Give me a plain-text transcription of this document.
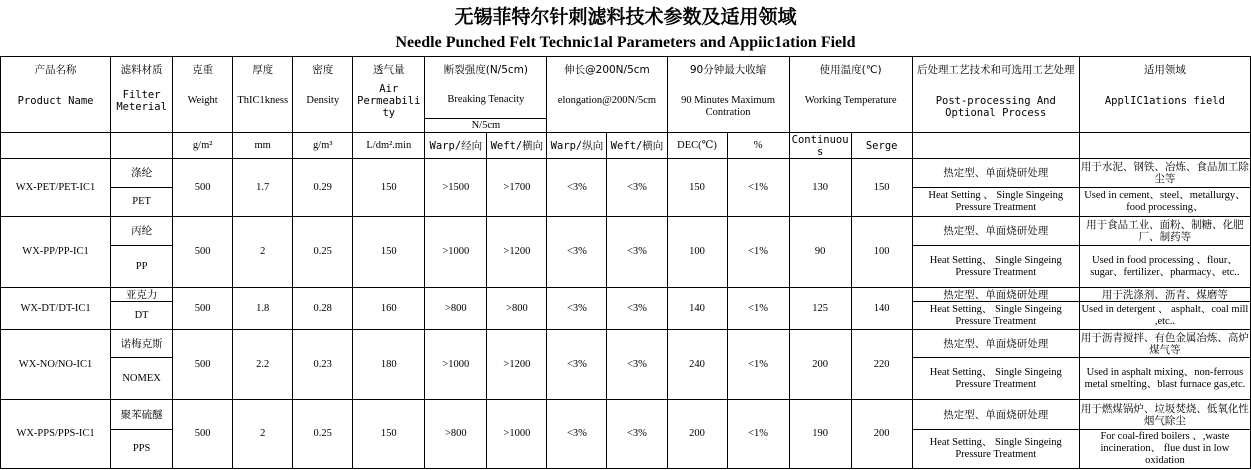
无锡菲特尔针刺滤料技术参数及适用领域
Needle Punched Felt Technic1al Parameters and Appiic1ation Field
产品名称	滤料材质	克重	厚度	密度	透气量	断裂强度(N/5cm)		伸长@200N/5cm		90分钟最大收缩		使用温度(℃)		后处理工艺技术和可选用工艺处理	适用领域
Product Name	Filter Meterial	Weight	ThIC1kness	Density	Air Permeability	Breaking Tenacity		elongation@200N/5cm		90 Minutes Maximum Contration		Working Temperature		Post-processing And Optional Process	ApplIC1ations field
						N/5cm									
		g/m²	mm	g/m³	L/dm².min	Warp/经向	Weft/横向	Warp/纵向	Weft/横向	DEC(℃)	%	Continuous	Serge		
WX-PET/PET-IC1	涤纶	500	1.7	0.29	150	>1500	>1700	<3%	<3%	150	<1%	130	150	热定型、单面烧研处理	用于水泥、钢铁、冶炼、食品加工除尘等
	PET													Heat Setting 、 Single Singeing Pressure Treatment	Used in cement、steel、metallurgy、food processing、
WX-PP/PP-IC1	丙纶	500	2	0.25	150	>1000	>1200	<3%	<3%	100	<1%	90	100	热定型、单面烧研处理	用于食品工业、面粉、制糖、化肥厂、制药等
	PP													Heat Setting、 Single Singeing Pressure Treatment	Used in food processing 、flour、sugar、fertilizer、pharmacy、etc..
WX-DT/DT-IC1	亚克力	500	1.8	0.28	160	>800	>800	<3%	<3%	140	<1%	125	140	热定型、单面烧研处理	用于洗涤剂、沥青、煤磨等
	DT													Heat Setting、 Single Singeing Pressure Treatment	Used in detergent 、 asphalt、coal mill ,etc..
WX-NO/NO-IC1	诺梅克斯	500	2.2	0.23	180	>1000	>1200	<3%	<3%	240	<1%	200	220	热定型、单面烧研处理	用于沥青搅拌、有色金属冶炼、高炉煤气等
	NOMEX													Heat Setting、 Single Singeing Pressure Treatment	Used in asphalt mixing、non-ferrous metal smelting、blast furnace gas,etc.
WX-PPS/PPS-IC1	聚苯硫醚	500	2	0.25	150	>800	>1000	<3%	<3%	200	<1%	190	200	热定型、单面烧研处理	用于燃煤锅炉、垃圾焚烧、低氧化性烟气除尘
	PPS													Heat Setting、 Single Singeing Pressure Treatment	For coal-fired boilers 、,waste incineration、 flue dust in low oxidation
